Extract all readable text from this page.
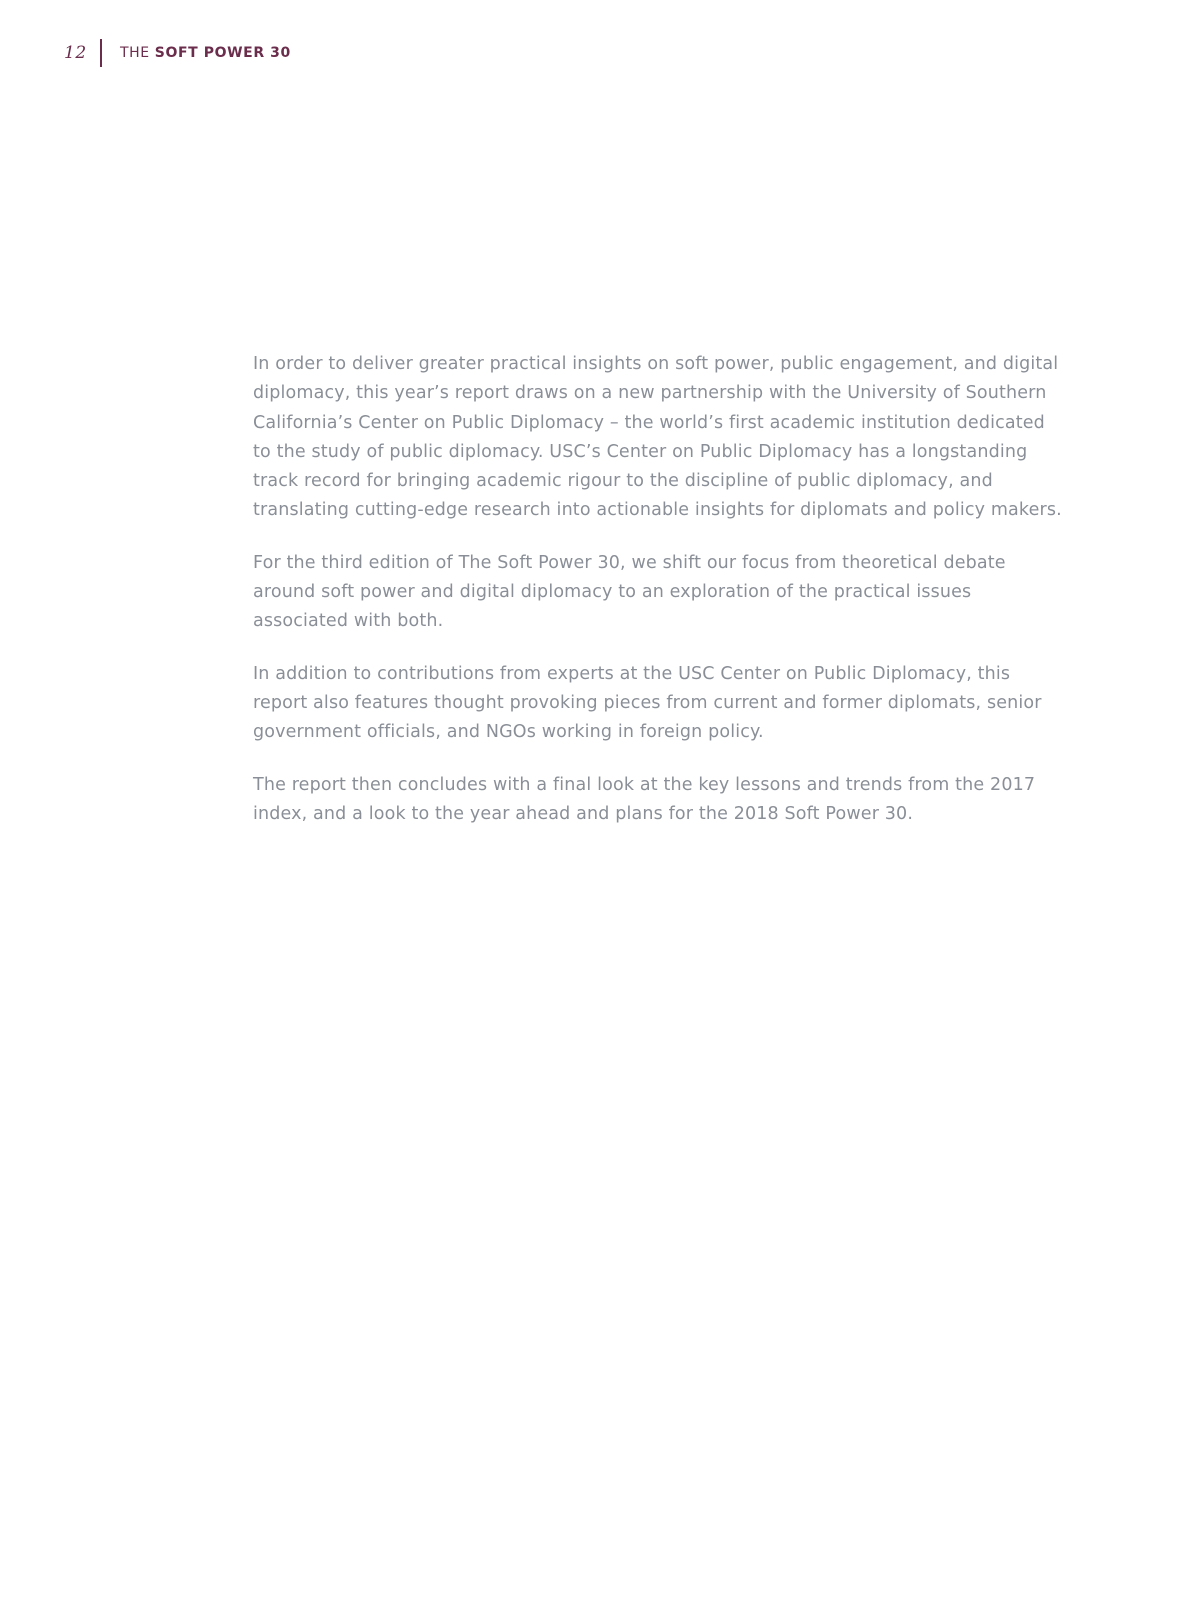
12	THE SOFT POWER 30

In order to deliver greater practical insights on soft power, public engagement, and digital diplomacy, this year’s report draws on a new partnership with the University of Southern California’s Center on Public Diplomacy – the world’s first academic institution dedicated to the study of public diplomacy. USC’s Center on Public Diplomacy has a longstanding track record for bringing academic rigour to the discipline of public diplomacy, and translating cutting-edge research into actionable insights for diplomats and policy makers.

For the third edition of The Soft Power 30, we shift our focus from theoretical debate around soft power and digital diplomacy to an exploration of the practical issues associated with both.

In addition to contributions from experts at the USC Center on Public Diplomacy, this report also features thought provoking pieces from current and former diplomats, senior government officials, and NGOs working in foreign policy.

The report then concludes with a final look at the key lessons and trends from the 2017 index, and a look to the year ahead and plans for the 2018 Soft Power 30.
